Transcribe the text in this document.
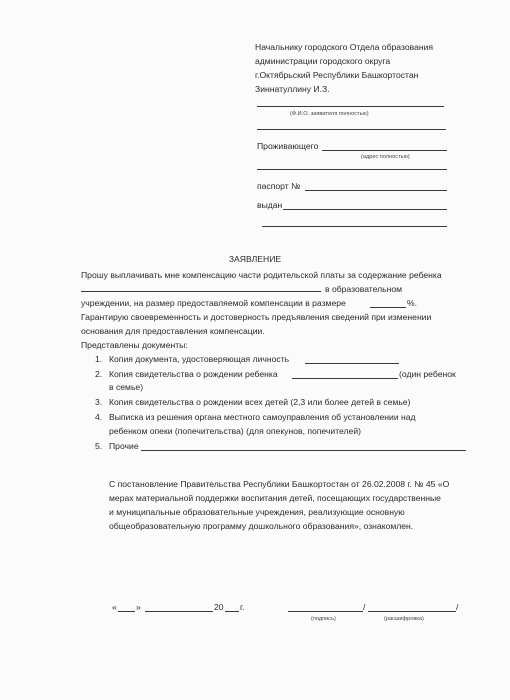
Начальнику городского Отдела образования
администрации городского округа
г.Октябрьский Республики Башкортостан
Зиннатуллину И.З.
(Ф.И.О. заявителя полностью)
Проживающего
(адрес полностью)
паспорт №
выдан
ЗАЯВЛЕНИЕ
Прошу выплачивать мне компенсацию части родительской платы за содержание ребенка
в образовательном
учреждении, на размер предоставляемой компенсации в размере	%.
Гарантирую своевременность и достоверность предъявления сведений при изменении
основания для предоставления компенсации.
Представлены документы:
1. Копия документа, удостоверяющая личность
2. Копия свидетельства о рождении ребенка	(один ребенок
в семье)
3. Копия свидетельства о рождении всех детей (2,3 или более детей в семье)
4. Выписка из решения органа местного самоуправления об установлении над
ребенком опеки (попечительства) (для опекунов, попечителей)
5. Прочие
С постановление Правительства Республики Башкортостан от 26.02.2008 г. № 45 «О
мерах материальной поддержки воспитания детей, посещающих государственные
и муниципальные образовательные учреждения, реализующие основную
общеобразовательную программу дошкольного образования», ознакомлен.
« »	20 г.	/	/
(подпись)	(расшифровка)
